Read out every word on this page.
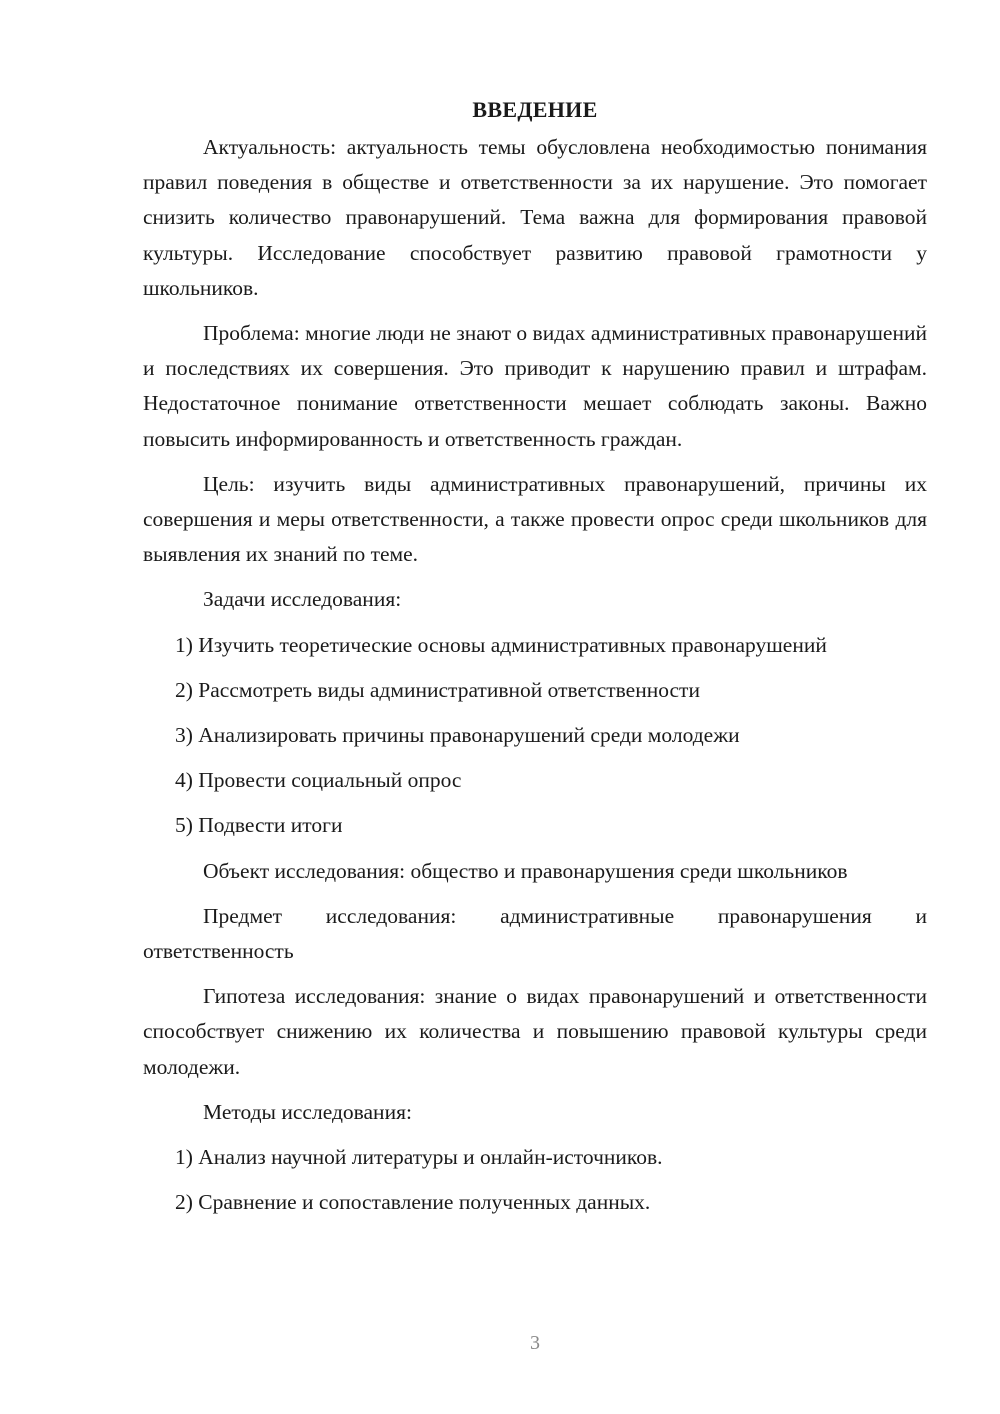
ВВЕДЕНИЕ

Актуальность: актуальность темы обусловлена необходимостью понимания правил поведения в обществе и ответственности за их нарушение. Это помогает снизить количество правонарушений. Тема важна для формирования правовой культуры. Исследование способствует развитию правовой грамотности у школьников.

Проблема: многие люди не знают о видах административных правонарушений и последствиях их совершения. Это приводит к нарушению правил и штрафам. Недостаточное понимание ответственности мешает соблюдать законы. Важно повысить информированность и ответственность граждан.

Цель: изучить виды административных правонарушений, причины их совершения и меры ответственности, а также провести опрос среди школьников для выявления их знаний по теме.

Задачи исследования:

1) Изучить теоретические основы административных правонарушений
2) Рассмотреть виды административной ответственности
3) Анализировать причины правонарушений среди молодежи
4) Провести социальный опрос
5) Подвести итоги

Объект исследования: общество и правонарушения среди школьников

Предмет исследования: административные правонарушения и ответственность

Гипотеза исследования: знание о видах правонарушений и ответственности способствует снижению их количества и повышению правовой культуры среди молодежи.

Методы исследования:

1) Анализ научной литературы и онлайн-источников.
2) Сравнение и сопоставление полученных данных.
3
